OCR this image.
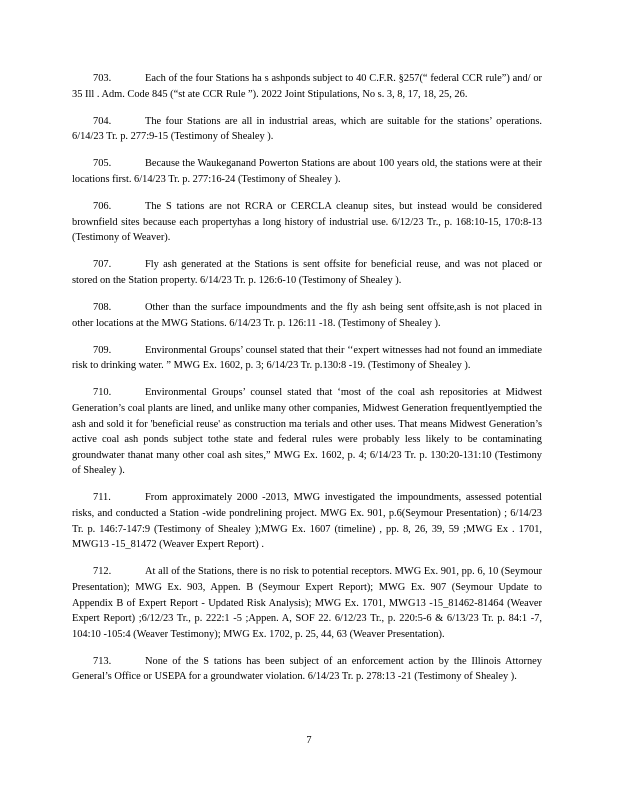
703.	Each of the four Stations ha s ashponds subject to 40 C.F.R. §257(“ federal CCR rule”) and/ or 35 Ill . Adm. Code 845 (“st ate CCR Rule ”). 2022 Joint Stipulations, No s. 3, 8, 17, 18, 25, 26.

704.	The four Stations are all in industrial areas, which are suitable for the stations’ operations. 6/14/23 Tr. p. 277:9-15 (Testimony of Shealey ).

705.	Because the Waukeganand Powerton Stations are about 100 years old, the stations were at their locations first. 6/14/23 Tr. p. 277:16-24 (Testimony of Shealey ).

706.	The S tations are not RCRA or CERCLA cleanup sites, but instead would be considered brownfield sites because each propertyhas a long history of industrial use. 6/12/23 Tr., p. 168:10-15, 170:8-13 (Testimony of Weaver).

707.	Fly ash generated at the Stations is sent offsite for beneficial reuse, and was not placed or stored on the Station property. 6/14/23 Tr. p. 126:6-10 (Testimony of Shealey ).

708.	Other than the surface impoundments and the fly ash being sent offsite,ash is not placed in other locations at the MWG Stations. 6/14/23 Tr. p. 126:11 -18. (Testimony of Shealey ).

709.	Environmental Groups’ counsel stated that their ‘‘expert witnesses had not found an immediate risk to drinking water. ” MWG Ex. 1602, p. 3; 6/14/23 Tr. p.130:8 -19. (Testimony of Shealey ).

710.	Environmental Groups’ counsel stated that ‘most of the coal ash repositories at Midwest Generation’s coal plants are lined, and unlike many other companies, Midwest Generation frequentlyemptied the ash and sold it for 'beneficial reuse' as construction ma terials and other uses. That means Midwest Generation’s active coal ash ponds subject tothe state and federal rules were probably less likely to be contaminating groundwater thanat many other coal ash sites,” MWG Ex. 1602, p. 4; 6/14/23 Tr. p. 130:20-131:10 (Testimony of Shealey ).

711.	From approximately 2000 -2013, MWG investigated the impoundments, assessed potential risks, and conducted a Station -wide pondrelining project. MWG Ex. 901, p.6(Seymour Presentation) ; 6/14/23 Tr. p. 146:7-147:9 (Testimony of Shealey );MWG Ex. 1607 (timeline) , pp. 8, 26, 39, 59 ;MWG Ex . 1701, MWG13 -15_81472 (Weaver Expert Report) .

712.	At all of the Stations, there is no risk to potential receptors. MWG Ex. 901, pp. 6, 10 (Seymour Presentation); MWG Ex. 903, Appen. B (Seymour Expert Report); MWG Ex. 907 (Seymour Update to Appendix B of Expert Report - Updated Risk Analysis); MWG Ex. 1701, MWG13 -15_81462-81464 (Weaver Expert Report) ;6/12/23 Tr., p. 222:1 -5 ;Appen. A, SOF 22. 6/12/23 Tr., p. 220:5-6 & 6/13/23 Tr. p. 84:1 -7, 104:10 -105:4 (Weaver Testimony); MWG Ex. 1702, p. 25, 44, 63 (Weaver Presentation).

713.	None of the S tations has been subject of an enforcement action by the Illinois Attorney General’s Office or USEPA for a groundwater violation. 6/14/23 Tr. p. 278:13 -21 (Testimony of Shealey ).

7
